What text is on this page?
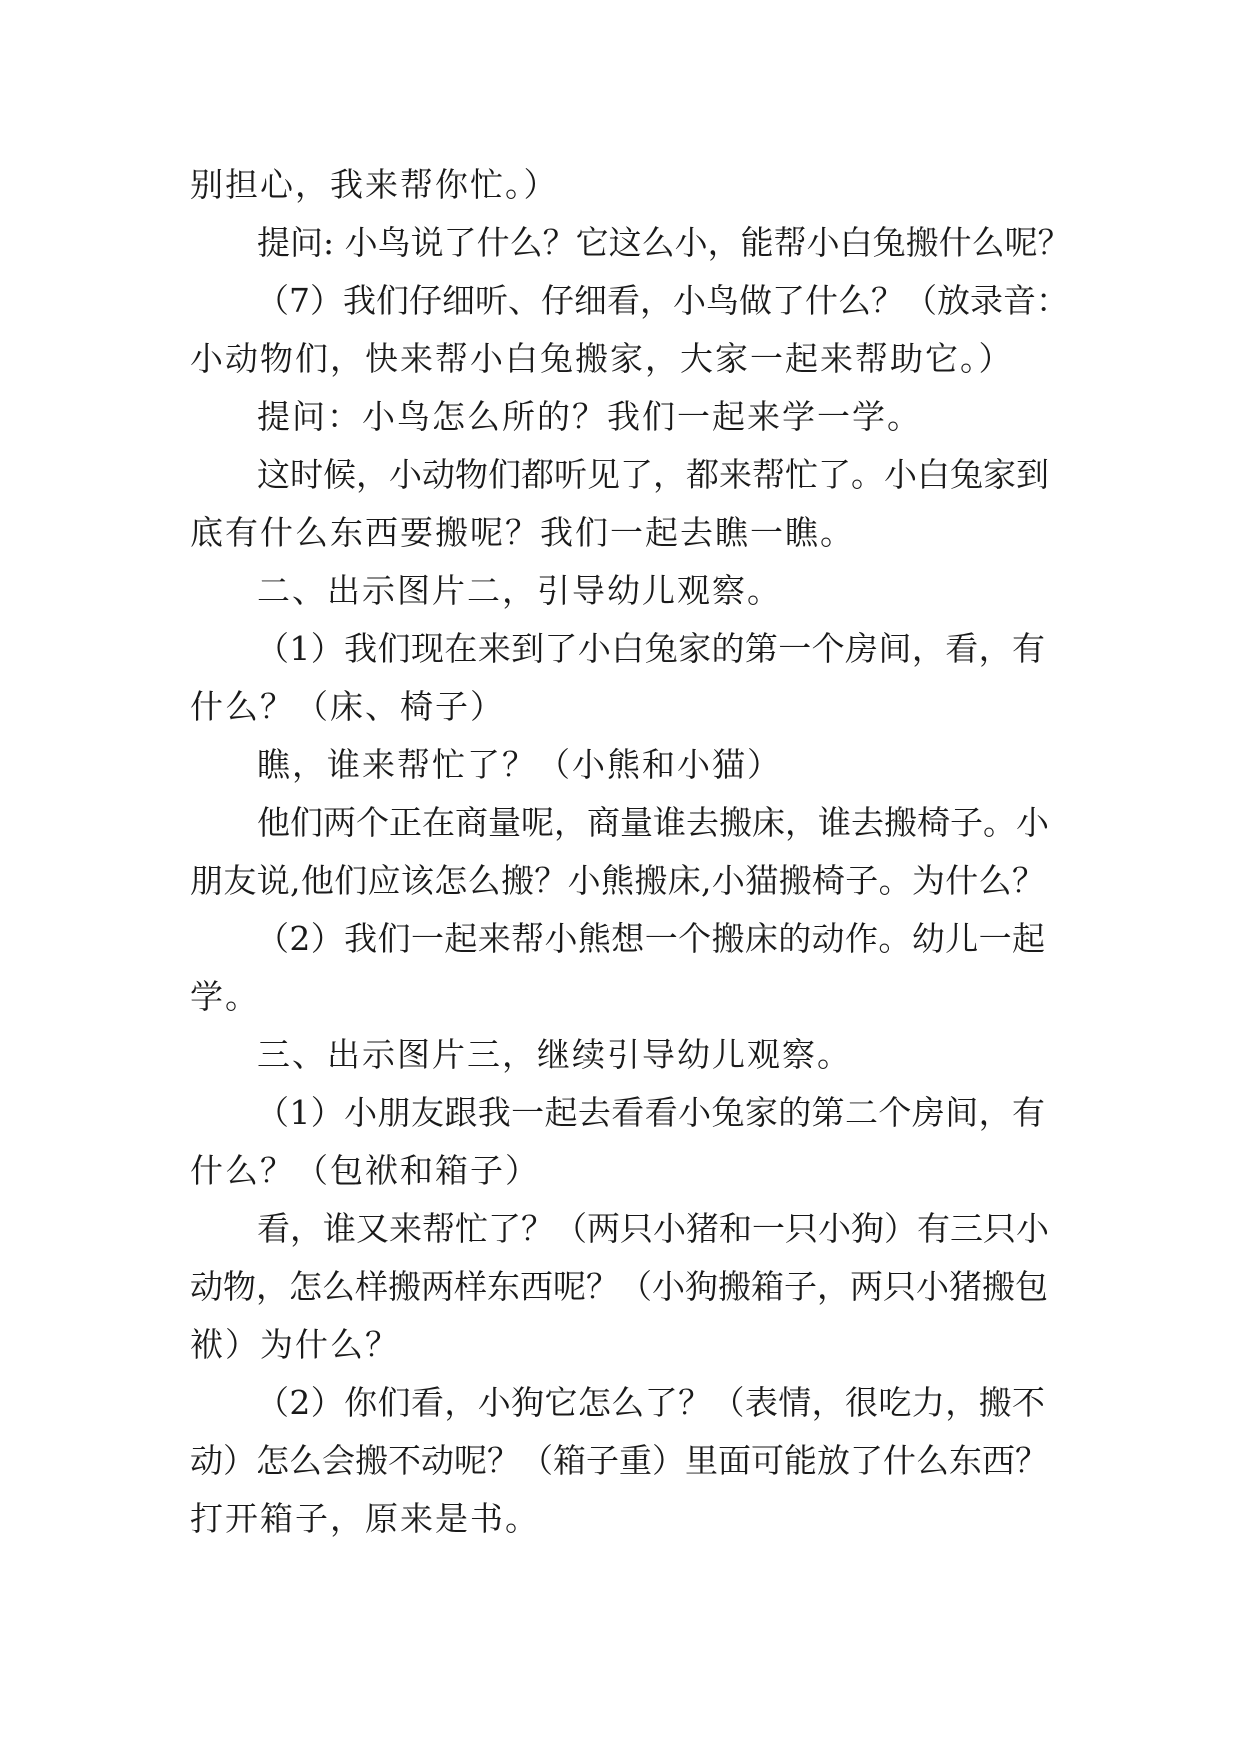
别担心，我来帮你忙。）
提问: 小鸟说了什么？它这么小，能帮小白兔搬什么呢？
（7）我们仔细听、仔细看，小鸟做了什么？（放录音：
小动物们，快来帮小白兔搬家，大家一起来帮助它。）
提问：小鸟怎么所的？我们一起来学一学。
这时候，小动物们都听见了，都来帮忙了。小白兔家到
底有什么东西要搬呢？我们一起去瞧一瞧。
二、出示图片二，引导幼儿观察。
（1）我们现在来到了小白兔家的第一个房间，看，有
什么？（床、椅子）
瞧，谁来帮忙了？（小熊和小猫）
他们两个正在商量呢，商量谁去搬床，谁去搬椅子。小
朋友说,他们应该怎么搬？小熊搬床,小猫搬椅子。为什么？
（2）我们一起来帮小熊想一个搬床的动作。幼儿一起
学。
三、出示图片三，继续引导幼儿观察。
（1）小朋友跟我一起去看看小兔家的第二个房间，有
什么？（包袱和箱子）
看，谁又来帮忙了？（两只小猪和一只小狗）有三只小
动物，怎么样搬两样东西呢？（小狗搬箱子，两只小猪搬包
袱）为什么？
（2）你们看，小狗它怎么了？（表情，很吃力，搬不
动）怎么会搬不动呢？（箱子重）里面可能放了什么东西？
打开箱子，原来是书。
